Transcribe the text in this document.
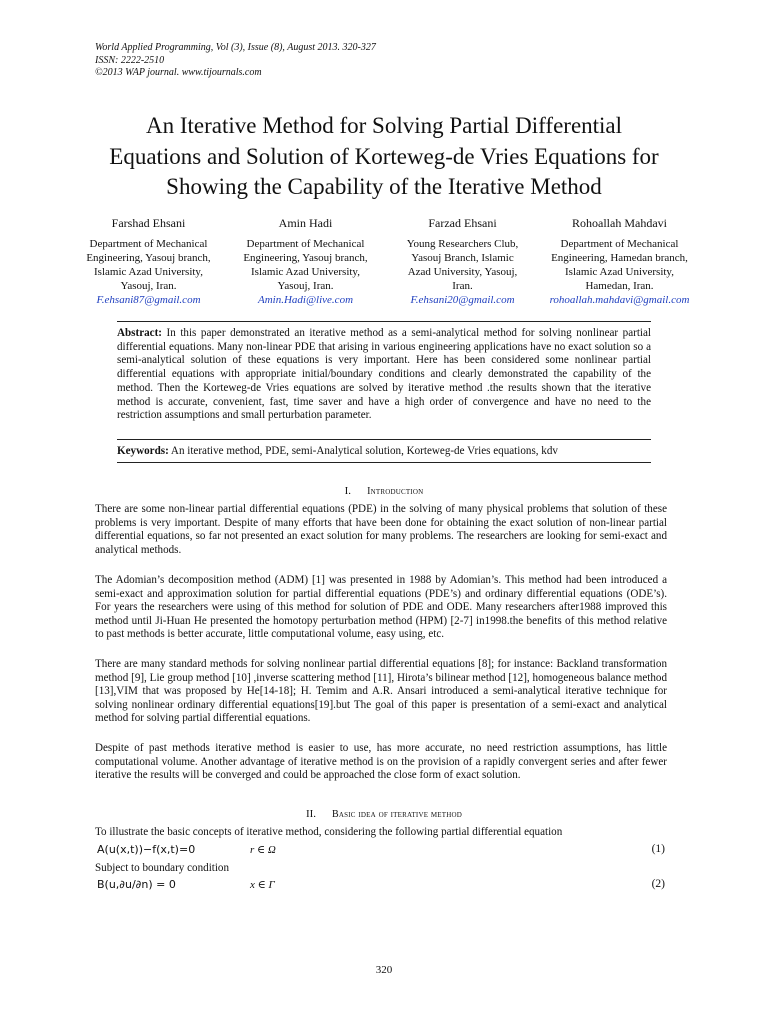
World Applied Programming, Vol (3), Issue (8), August 2013. 320-327
ISSN: 2222-2510
©2013 WAP journal. www.tijournals.com
An Iterative Method for Solving Partial Differential
Equations and Solution of Korteweg-de Vries Equations for
Showing the Capability of the Iterative Method
Farshad Ehsani
Department of Mechanical
Engineering, Yasouj branch,
Islamic Azad University,
Yasouj, Iran.
F.ehsani87@gmail.com
Amin Hadi
Department of Mechanical
Engineering, Yasouj branch,
Islamic Azad University,
Yasouj, Iran.
Amin.Hadi@live.com
Farzad Ehsani
Young Researchers Club,
Yasouj Branch, Islamic
Azad University, Yasouj,
Iran.
F.ehsani20@gmail.com
Rohoallah Mahdavi
Department of Mechanical
Engineering, Hamedan branch,
Islamic Azad University,
Hamedan, Iran.
rohoallah.mahdavi@gmail.com
Abstract: In this paper demonstrated an iterative method as a semi-analytical method for solving nonlinear partial differential equations. Many non-linear PDE that arising in various engineering applications have no exact solution so a semi-analytical solution of these equations is very important. Here has been considered some nonlinear partial differential equations with appropriate initial/boundary conditions and clearly demonstrated the capability of the method. Then the Korteweg-de Vries equations are solved by iterative method .the results shown that the iterative method is accurate, convenient, fast, time saver and have a high order of convergence and have no need to the restriction assumptions and small perturbation parameter.
Keywords: An iterative method, PDE, semi-Analytical solution, Korteweg-de Vries equations, kdv
I. Introduction
There are some non-linear partial differential equations (PDE) in the solving of many physical problems that solution of these problems is very important. Despite of many efforts that have been done for obtaining the exact solution of non-linear partial differential equations, so far not presented an exact solution for many problems. The researchers are looking for semi-exact and analytical methods.
The Adomian’s decomposition method (ADM) [1] was presented in 1988 by Adomian’s. This method had been introduced a semi-exact and approximation solution for partial differential equations (PDE’s) and ordinary differential equations (ODE’s). For years the researchers were using of this method for solution of PDE and ODE. Many researchers after1988 improved this method until Ji-Huan He presented the homotopy perturbation method (HPM) [2-7] in1998.the benefits of this method relative to past methods is better accurate, little computational volume, easy using, etc.
There are many standard methods for solving nonlinear partial differential equations [8]; for instance: Backland transformation method [9], Lie group method [10] ,inverse scattering method [11], Hirota’s bilinear method [12], homogeneous balance method [13],VIM that was proposed by He[14-18]; H. Temim and A.R. Ansari introduced a semi-analytical iterative technique for solving nonlinear ordinary differential equations[19].but The goal of this paper is presentation of a semi-exact and analytical method for solving partial differential equations.
Despite of past methods iterative method is easier to use, has more accurate, no need restriction assumptions, has little computational volume. Another advantage of iterative method is on the provision of a rapidly convergent series and after fewer iterative the results will be converged and could be approached the close form of exact solution.
II. Basic idea of iterative method
To illustrate the basic concepts of iterative method, considering the following partial differential equation
A(u(x,t))−f(x,t)=0	r ∈ Ω	(1)
Subject to boundary condition
B(u,∂u/∂n) = 0	x ∈ Γ	(2)
320
